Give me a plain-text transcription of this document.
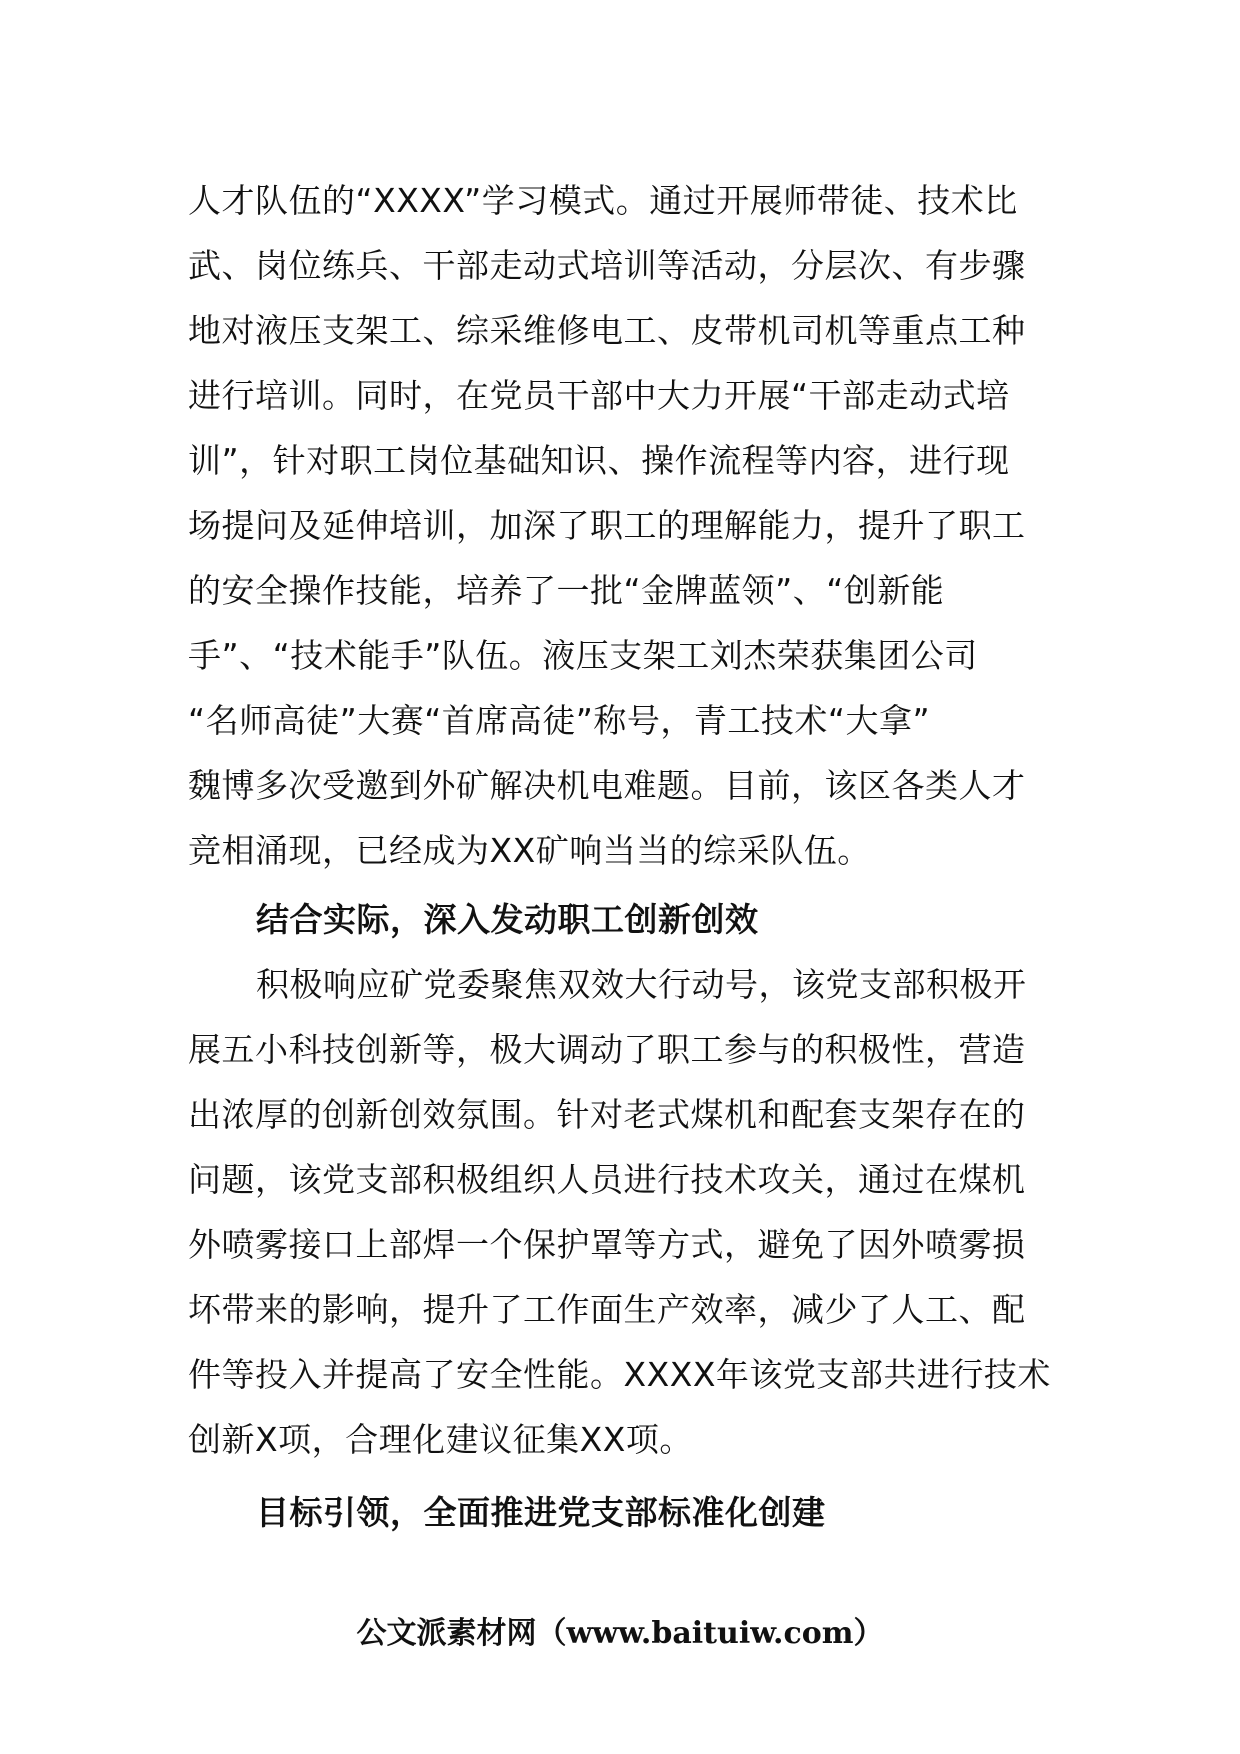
人才队伍的“XXXX”学习模式。通过开展师带徒、技术比
武、岗位练兵、干部走动式培训等活动，分层次、有步骤
地对液压支架工、综采维修电工、皮带机司机等重点工种
进行培训。同时，在党员干部中大力开展“干部走动式培
训”，针对职工岗位基础知识、操作流程等内容，进行现
场提问及延伸培训，加深了职工的理解能力，提升了职工
的安全操作技能，培养了一批“金牌蓝领”、“创新能
手”、“技术能手”队伍。液压支架工刘杰荣获集团公司
“名师高徒”大赛“首席高徒”称号，青工技术“大拿”
魏博多次受邀到外矿解决机电难题。目前，该区各类人才
竞相涌现，已经成为XX矿响当当的综采队伍。
结合实际，深入发动职工创新创效
积极响应矿党委聚焦双效大行动号，该党支部积极开
展五小科技创新等，极大调动了职工参与的积极性，营造
出浓厚的创新创效氛围。针对老式煤机和配套支架存在的
问题，该党支部积极组织人员进行技术攻关，通过在煤机
外喷雾接口上部焊一个保护罩等方式，避免了因外喷雾损
坏带来的影响，提升了工作面生产效率，减少了人工、配
件等投入并提高了安全性能。XXXX年该党支部共进行技术
创新X项，合理化建议征集XX项。
目标引领，全面推进党支部标准化创建
公文派素材网（www.baituiw.com）
